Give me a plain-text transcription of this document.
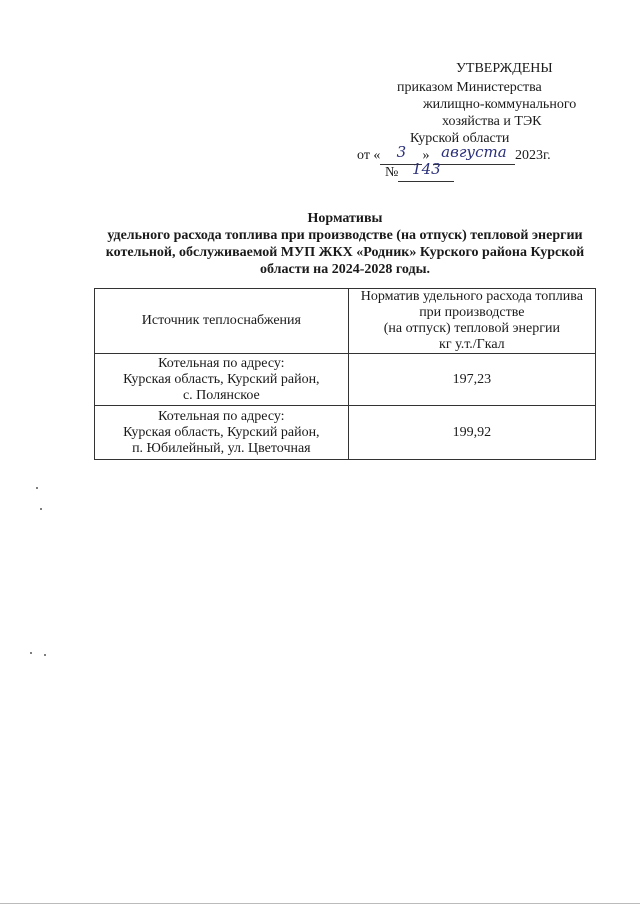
УТВЕРЖДЕНЫ
приказом Министерства
жилищно-коммунального
хозяйства и ТЭК
Курской области
от « 3 » августа 2023г.
№ 143
Нормативы
удельного расхода топлива при производстве (на отпуск) тепловой энергии котельной, обслуживаемой МУП ЖКХ «Родник» Курского района Курской области на 2024-2028 годы.
Источник теплоснабжения	Норматив удельного расхода топлива
при производстве
(на отпуск) тепловой энергии
кг у.т./Гкал

Котельная по адресу:
Курская область, Курский район,
с. Полянское	197,23

Котельная по адресу:
Курская область, Курский район,
п. Юбилейный, ул. Цветочная	199,92
